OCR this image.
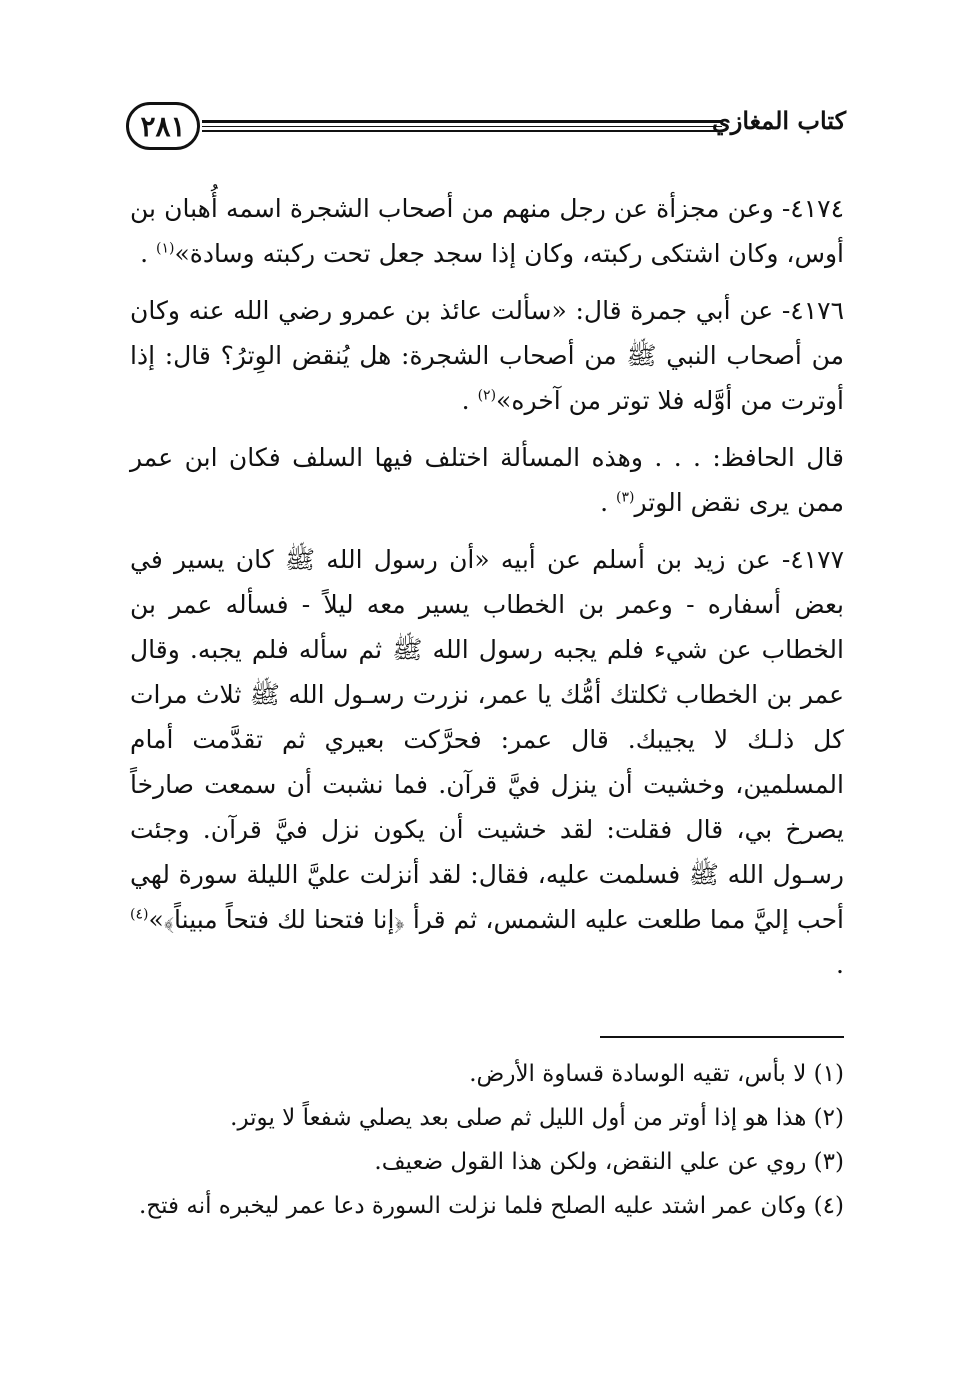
٢٨١	كتاب المغازي

٤١٧٤- وعن مجزأة عن رجل منهم من أصحاب الشجرة اسمه أُهبان بن أوس، وكان اشتكى ركبته، وكان إذا سجد جعل تحت ركبته وسادة»$^{(١)}$ .

٤١٧٦- عن أبي جمرة قال: «سألت عائذ بن عمرو رضي الله عنه وكان من أصحاب النبي ﷺ من أصحاب الشجرة: هل يُنقض الوِترُ؟ قال: إذا أوترت من أوَّله فلا توتر من آخره»$^{(٢)}$ .

قال الحافظ: . . . وهذه المسألة اختلف فيها السلف فكان ابن عمر ممن يرى نقض الوتر$^{(٣)}$ .

٤١٧٧- عن زيد بن أسلم عن أبيه «أن رسول الله ﷺ كان يسير في بعض أسفاره - وعمر بن الخطاب يسير معه ليلاً - فسأله عمر بن الخطاب عن شيء فلم يجبه رسول الله ﷺ ثم سأله فلم يجبه. وقال عمر بن الخطاب ثكلتك أمُّك يا عمر، نزرت رسـول الله ﷺ ثلاث مرات كل ذلـك لا يجيبك. قال عمر: فحرَّكت بعيري ثم تقدَّمت أمام المسلمين، وخشيت أن ينزل فيَّ قرآن. فما نشبت أن سمعت صارخاً يصرخ بي، قال فقلت: لقد خشيت أن يكون نزل فيَّ قرآن. وجئت رسـول الله ﷺ فسلمت عليه، فقال: لقد أنزلت عليَّ الليلة سورة لهي أحب إليَّ مما طلعت عليه الشمس، ثم قرأ ﴿إنا فتحنا لك فتحاً مبيناً﴾»$^{(٤)}$ .

(١) لا بأس، تقيه الوسادة قساوة الأرض.

(٢) هذا هو إذا أوتر من أول الليل ثم صلى بعد يصلي شفعاً لا يوتر.

(٣) روي عن علي النقض، ولكن هذا القول ضعيف.

(٤) وكان عمر اشتد عليه الصلح فلما نزلت السورة دعا عمر ليخبره أنه فتح.
